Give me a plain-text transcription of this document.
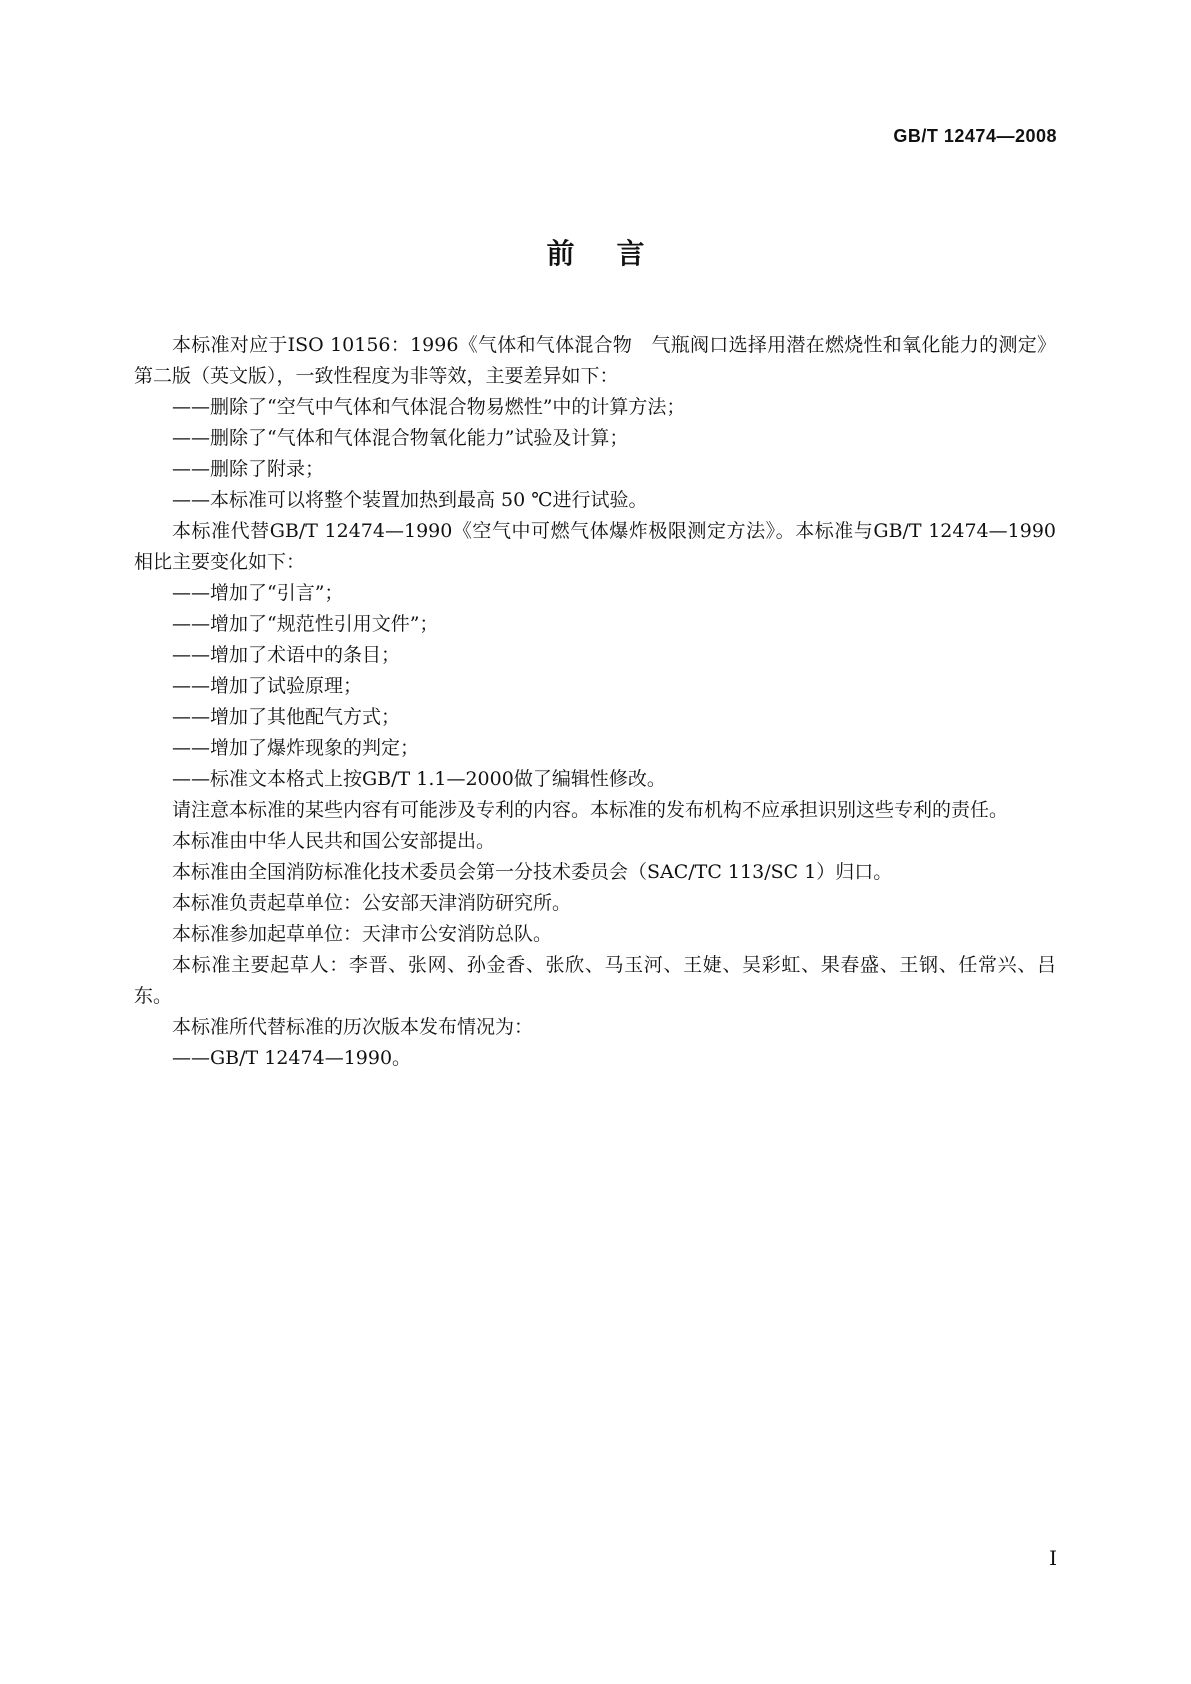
GB/T 12474—2008
前言

本标准对应于ISO 10156：1996《气体和气体混合物　气瓶阀口选择用潜在燃烧性和氧化能力的测定》第二版（英文版），一致性程度为非等效，主要差异如下：

——删除了“空气中气体和气体混合物易燃性”中的计算方法；

——删除了“气体和气体混合物氧化能力”试验及计算；

——删除了附录；

——本标准可以将整个装置加热到最高 50 ℃进行试验。

本标准代替GB/T 12474—1990《空气中可燃气体爆炸极限测定方法》。本标准与GB/T 12474—1990相比主要变化如下：

——增加了“引言”；

——增加了“规范性引用文件”；

——增加了术语中的条目；

——增加了试验原理；

——增加了其他配气方式；

——增加了爆炸现象的判定；

——标准文本格式上按GB/T 1.1—2000做了编辑性修改。

请注意本标准的某些内容有可能涉及专利的内容。本标准的发布机构不应承担识别这些专利的责任。

本标准由中华人民共和国公安部提出。

本标准由全国消防标准化技术委员会第一分技术委员会（SAC/TC 113/SC 1）归口。

本标准负责起草单位：公安部天津消防研究所。

本标准参加起草单位：天津市公安消防总队。

本标准主要起草人：李晋、张网、孙金香、张欣、马玉河、王婕、吴彩虹、果春盛、王钢、任常兴、吕东。

本标准所代替标准的历次版本发布情况为：

——GB/T 12474—1990。

I
